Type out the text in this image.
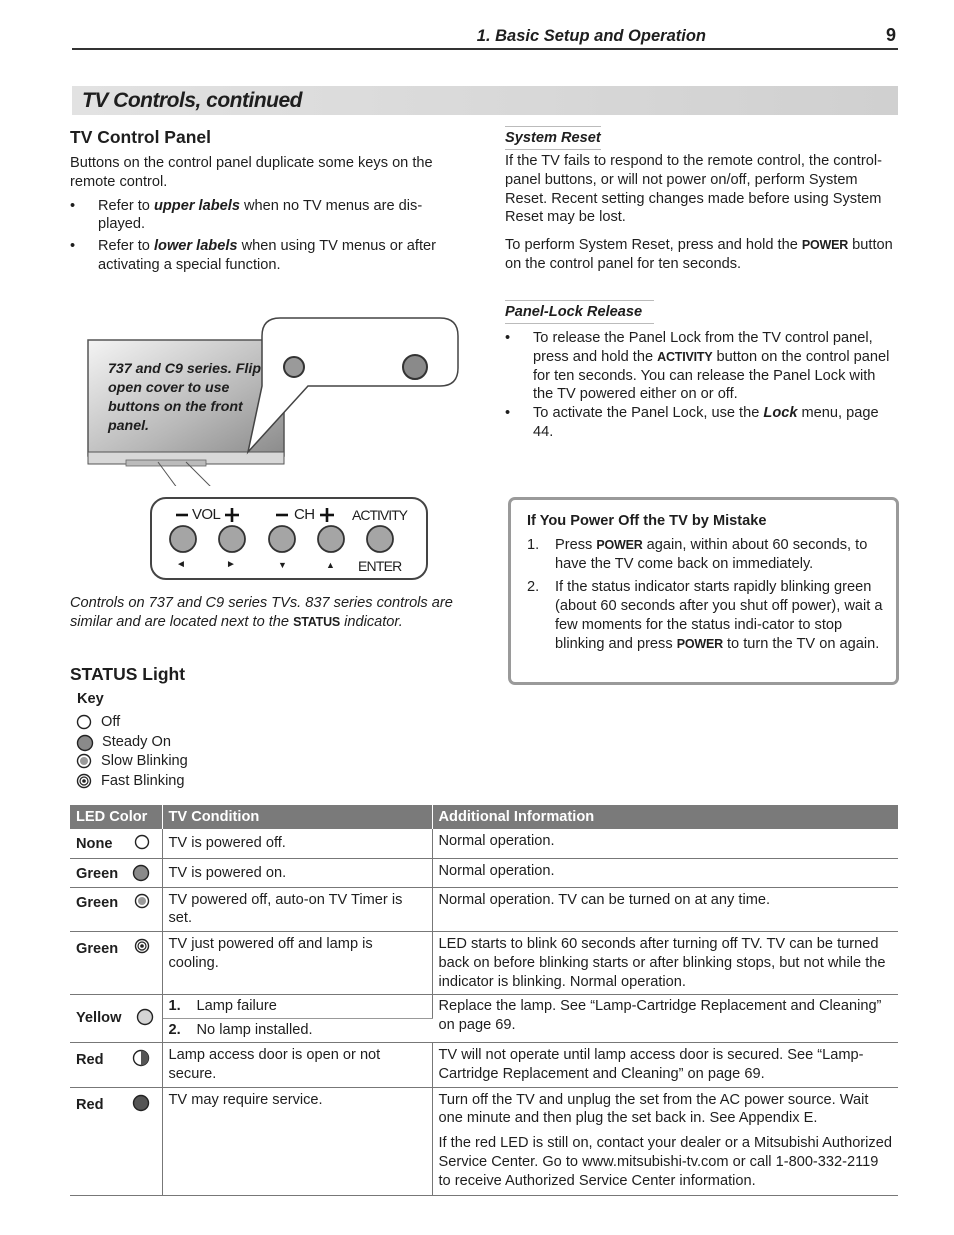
1. Basic Setup and Operation	9
TV Controls, continued
TV Control Panel

Buttons on the control panel duplicate some keys on the remote control.

• Refer to upper labels when no TV menus are dis-played.
• Refer to lower labels when using TV menus or after activating a special function.
737 and C9 series. Flip open cover to use buttons on the front panel.
VOL	CH	ACTIVITY
◄	►	▼	▲ ENTER
Controls on 737 and C9 series TVs. 837 series controls are similar and are located next to the STATUS indicator.
STATUS Light
Key
Off
Steady On
Slow Blinking
Fast Blinking
System Reset

If the TV fails to respond to the remote control, the control-panel buttons, or will not power on/off, perform System Reset. Recent setting changes made before using System Reset may be lost.

To perform System Reset, press and hold the POWER button on the control panel for ten seconds.

Panel-Lock Release
• To release the Panel Lock from the TV control panel, press and hold the ACTIVITY button on the control panel for ten seconds. You can release the Panel Lock with the TV powered either on or off.
• To activate the Panel Lock, use the Lock menu, page 44.
If You Power Off the TV by Mistake
1. Press POWER again, within about 60 seconds, to have the TV come back on immediately.
2. If the status indicator starts rapidly blinking green (about 60 seconds after you shut off power), wait a few moments for the status indi-cator to stop blinking and press POWER to turn the TV on again.
LED Color	TV Condition	Additional Information
None	TV is powered off.	Normal operation.
Green	TV is powered on.	Normal operation.
Green	TV powered off, auto-on TV Timer is set.	Normal operation. TV can be turned on at any time.
Green	TV just powered off and lamp is cooling.	LED starts to blink 60 seconds after turning off TV. TV can be turned back on before blinking starts or after blinking stops, but not while the indicator is blinking. Normal operation.
Yellow	1. Lamp failure	Replace the lamp. See “Lamp-Cartridge Replacement and Cleaning” on page 69.
	2. No lamp installed.	
Red	Lamp access door is open or not secure.	TV will not operate until lamp access door is secured. See “Lamp-Cartridge Replacement and Cleaning” on page 69.
Red	TV may require service.	Turn off the TV and unplug the set from the AC power source. Wait one minute and then plug the set back in. See Appendix E.

If the red LED is still on, contact your dealer or a Mitsubishi Authorized Service Center. Go to www.mitsubishi-tv.com or call 1-800-332-2119 to receive Authorized Service Center information.
